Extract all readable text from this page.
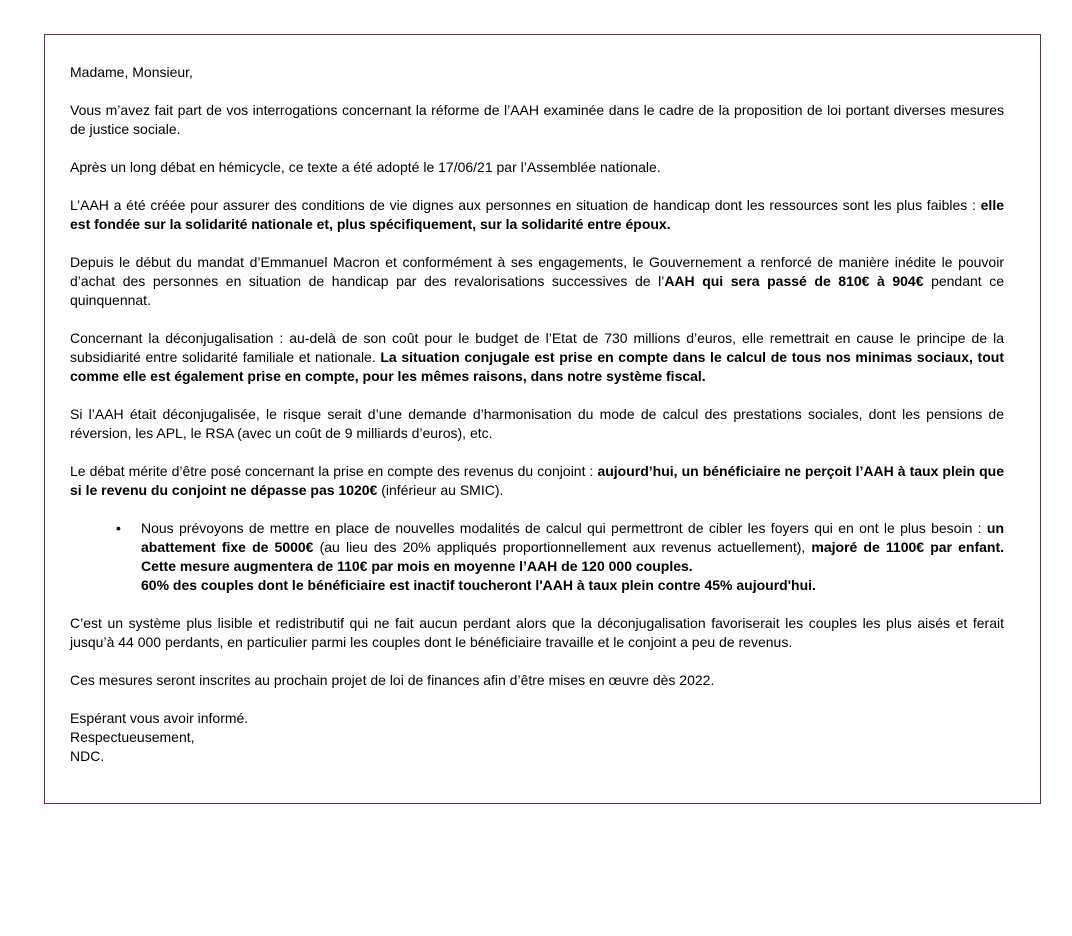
Madame, Monsieur,

Vous m’avez fait part de vos interrogations concernant la réforme de l’AAH examinée dans le cadre de la proposition de loi portant diverses mesures de justice sociale.

Après un long débat en hémicycle, ce texte a été adopté le 17/06/21 par l’Assemblée nationale.

L’AAH a été créée pour assurer des conditions de vie dignes aux personnes en situation de handicap dont les ressources sont les plus faibles : elle est fondée sur la solidarité nationale et, plus spécifiquement, sur la solidarité entre époux.

Depuis le début du mandat d’Emmanuel Macron et conformément à ses engagements, le Gouvernement a renforcé de manière inédite le pouvoir d’achat des personnes en situation de handicap par des revalorisations successives de l’AAH qui sera passé de 810€ à 904€ pendant ce quinquennat.

Concernant la déconjugalisation : au-delà de son coût pour le budget de l’Etat de 730 millions d’euros, elle remettrait en cause le principe de la subsidiarité entre solidarité familiale et nationale. La situation conjugale est prise en compte dans le calcul de tous nos minimas sociaux, tout comme elle est également prise en compte, pour les mêmes raisons, dans notre système fiscal.

Si l’AAH était déconjugalisée, le risque serait d’une demande d’harmonisation du mode de calcul des prestations sociales, dont les pensions de réversion, les APL, le RSA (avec un coût de 9 milliards d’euros), etc.

Le débat mérite d’être posé concernant la prise en compte des revenus du conjoint : aujourd’hui, un bénéficiaire ne perçoit l’AAH à taux plein que si le revenu du conjoint ne dépasse pas 1020€ (inférieur au SMIC).

• Nous prévoyons de mettre en place de nouvelles modalités de calcul qui permettront de cibler les foyers qui en ont le plus besoin : un abattement fixe de 5000€ (au lieu des 20% appliqués proportionnellement aux revenus actuellement), majoré de 1100€ par enfant. Cette mesure augmentera de 110€ par mois en moyenne l’AAH de 120 000 couples.
60% des couples dont le bénéficiaire est inactif toucheront l'AAH à taux plein contre 45% aujourd'hui.

C’est un système plus lisible et redistributif qui ne fait aucun perdant alors que la déconjugalisation favoriserait les couples les plus aisés et ferait jusqu’à 44 000 perdants, en particulier parmi les couples dont le bénéficiaire travaille et le conjoint a peu de revenus.

Ces mesures seront inscrites au prochain projet de loi de finances afin d’être mises en œuvre dès 2022.

Espérant vous avoir informé.

Respectueusement,

NDC.
